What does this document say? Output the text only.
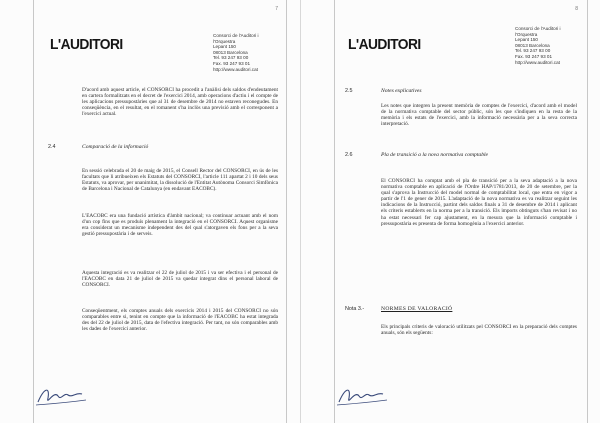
7
L'AUDITORI
Consorci de l'Auditori i
l'Orquestra
Lepant 150
08013 Barcelona
Tel. 93 247 93 00
Fax. 93 247 93 01
http://www.auditori.cat

D'acord amb aquest article, el CONSORCI ha procedit a l'anàlisi dels saldos d'endeutament en cartera formalitzats en el decret de l'exercici 2014, amb operacions d'actiu i el compte de les aplicacions pressupostàries que al 31 de desembre de 2014 no estaven reconegudes. En conseqüència, en el resultat, en el romanent s'ha inclòs una previsió amb el corresponent a l'exercici actual.

2.4	Comparació de la informació

En sessió celebrada el 20 de maig de 2015, el Consell Rector del CONSORCI, en ús de les facultats que li atribueixen els Estatuts del CONSORCI, l'article 111 apartat 2 i 10 dels seus Estatuts, va aprovar, per unanimitat, la dissolució de l'Entitat Autònoma Consorci Simfònica de Barcelona i Nacional de Catalunya (en endavant EACOBC).

L'EACOBC era una fundació artística d'àmbit nacional; va continuar actuant amb el nom d'un cop fins que es produís plenament la integració en el CONSORCI. Aquest organisme era considerat un mecanisme independent des del qual s'atorgaven els fons per a la seva gestió pressupostària i de serveis.

Aquesta integració es va realitzar el 22 de juliol de 2015 i va ser efectiva i el personal de l'EACOBC en data 21 de juliol de 2015 va quedar integrat dins el personal laboral de CONSORCI.

Conseqüentment, els comptes anuals dels exercicis 2014 i 2015 del CONSORCI no són comparables entre si, tenint en compte que la informació de l'EACOBC ha estat integrada des del 22 de juliol de 2015, data de l'efectiva integració. Per tant, no són comparables amb les dades de l'exercici anterior.

8
L'AUDITORI
Consorci de l'Auditori i
l'Orquestra
Lepant 150
08013 Barcelona
Tel. 93 247 93 00
Fax. 93 247 93 01
http://www.auditori.cat
2.5	Notes explicatives

Les notes que integren la present memòria de comptes de l'exercici, d'acord amb el model de la normativa comptable del sector públic, són les que s'indiquen en la resta de la memòria i els estats de l'exercici, amb la informació necessària per a la seva correcta interpretació.

2.6	Pla de transició a la nova normativa comptable

El CONSORCI ha comptat amb el pla de transició per a la seva adaptació a la nova normativa comptable en aplicació de l'Ordre HAP/1781/2013, de 20 de setembre, per la qual s'aprova la Instrucció del model normal de comptabilitat local, que entra en vigor a partir de l'1 de gener de 2015. L'adaptació de la nova normativa es va realitzar seguint les indicacions de la Instrucció, partint dels saldos finals a 31 de desembre de 2014 i aplicant els criteris establerts en la norma per a la transició. Els imports obtinguts s'han revisat i no ha estat necessari fer cap ajustament, en la mesura que la informació comptable i pressupostària es presenta de forma homogènia a l'exercici anterior.

Nota 3.-	NORMES DE VALORACIÓ

Els principals criteris de valoració utilitzats pel CONSORCI en la preparació dels comptes anuals, són els següents:
